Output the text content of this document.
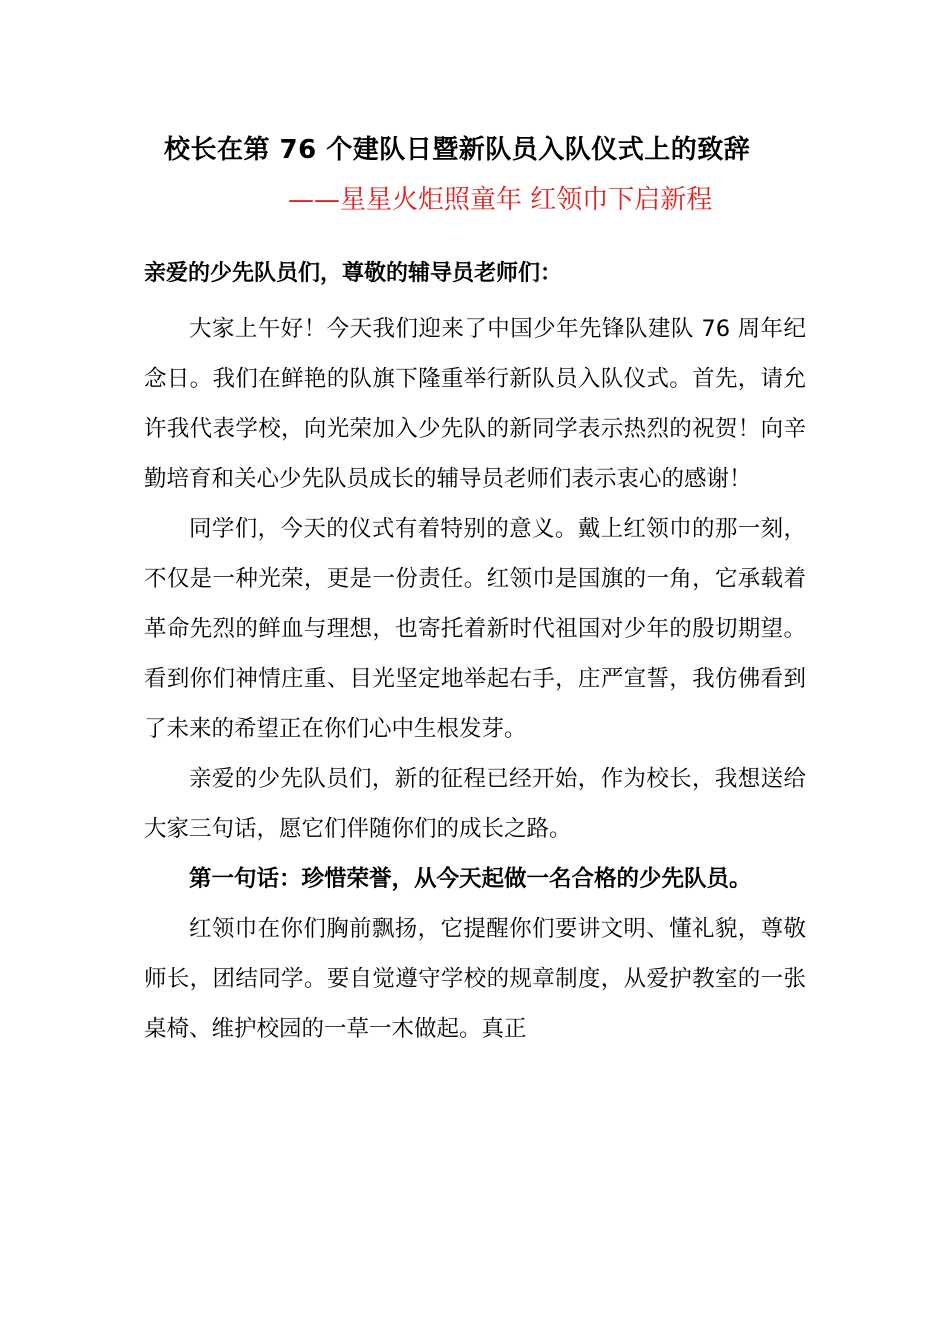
校长在第 76 个建队日暨新队员入队仪式上的致辞
——星星火炬照童年 红领巾下启新程
亲爱的少先队员们，尊敬的辅导员老师们：

大家上午好！今天我们迎来了中国少年先锋队建队 76 周年纪念日。我们在鲜艳的队旗下隆重举行新队员入队仪式。首先，请允许我代表学校，向光荣加入少先队的新同学表示热烈的祝贺！向辛勤培育和关心少先队员成长的辅导员老师们表示衷心的感谢！

同学们，今天的仪式有着特别的意义。戴上红领巾的那一刻，不仅是一种光荣，更是一份责任。红领巾是国旗的一角，它承载着革命先烈的鲜血与理想，也寄托着新时代祖国对少年的殷切期望。看到你们神情庄重、目光坚定地举起右手，庄严宣誓，我仿佛看到了未来的希望正在你们心中生根发芽。

亲爱的少先队员们，新的征程已经开始，作为校长，我想送给大家三句话，愿它们伴随你们的成长之路。

第一句话：珍惜荣誉，从今天起做一名合格的少先队员。

红领巾在你们胸前飘扬，它提醒你们要讲文明、懂礼貌，尊敬师长，团结同学。要自觉遵守学校的规章制度，从爱护教室的一张桌椅、维护校园的一草一木做起。真正
